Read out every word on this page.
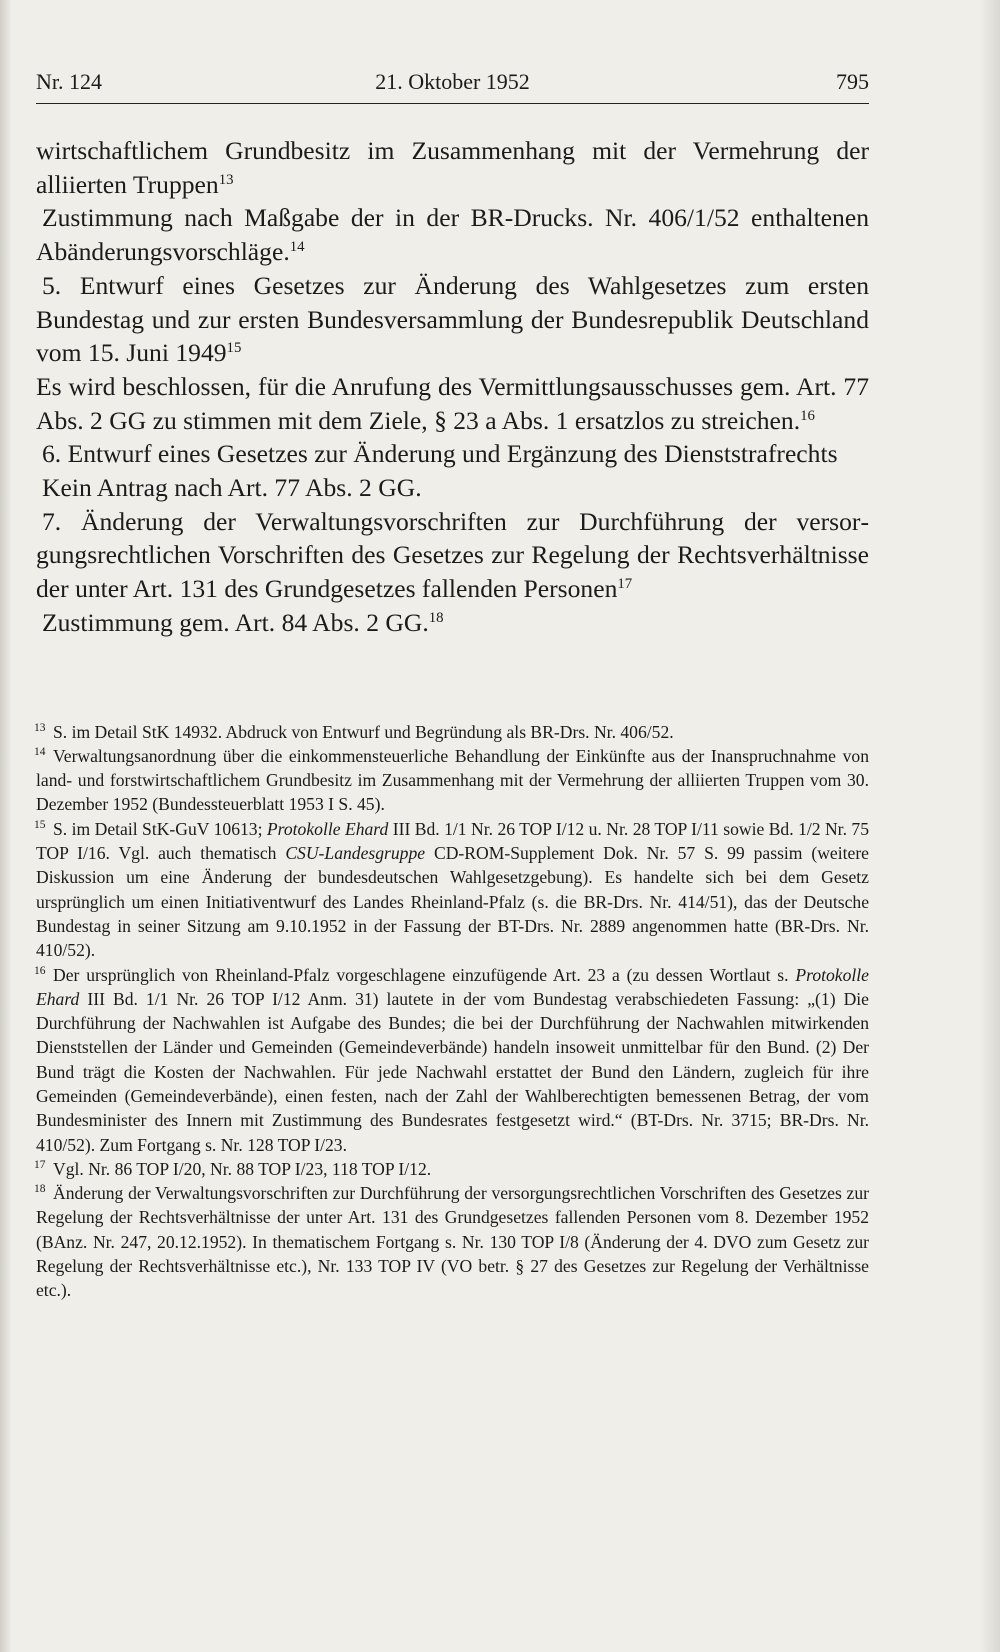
Nr. 124	21. Oktober 1952	795

wirtschaftlichem Grundbesitz im Zusammenhang mit der Vermehrung der alliierten Truppen$^{13}$

Zustimmung nach Maßgabe der in der BR-Drucks. Nr. 406/1/52 enthaltenen Abänderungsvorschläge.$^{14}$

5. Entwurf eines Gesetzes zur Änderung des Wahlgesetzes zum ersten Bundestag und zur ersten Bundesversammlung der Bundesrepublik Deutschland vom 15. Juni 1949$^{15}$

Es wird beschlossen, für die Anrufung des Vermittlungsausschusses gem. Art. 77 Abs. 2 GG zu stimmen mit dem Ziele, § 23 a Abs. 1 ersatzlos zu streichen.$^{16}$

6. Entwurf eines Gesetzes zur Änderung und Ergänzung des Dienststrafrechts

Kein Antrag nach Art. 77 Abs. 2 GG.

7. Änderung der Verwaltungsvorschriften zur Durchführung der versorgungsrechtlichen Vorschriften des Gesetzes zur Regelung der Rechtsverhältnisse der unter Art. 131 des Grundgesetzes fallenden Personen$^{17}$

Zustimmung gem. Art. 84 Abs. 2 GG.$^{18}$

13 S. im Detail StK 14932. Abdruck von Entwurf und Begründung als BR-Drs. Nr. 406/52.

14 Verwaltungsanordnung über die einkommensteuerliche Behandlung der Einkünfte aus der Inanspruchnahme von land- und forstwirtschaftlichem Grundbesitz im Zusammenhang mit der Vermehrung der alliierten Truppen vom 30. Dezember 1952 (Bundessteuerblatt 1953 I S. 45).

15 S. im Detail StK-GuV 10613; Protokolle Ehard III Bd. 1/1 Nr. 26 TOP I/12 u. Nr. 28 TOP I/11 sowie Bd. 1/2 Nr. 75 TOP I/16. Vgl. auch thematisch CSU-Landesgruppe CD-ROM-Supplement Dok. Nr. 57 S. 99 passim (weitere Diskussion um eine Änderung der bundesdeutschen Wahlgesetzgebung). Es handelte sich bei dem Gesetz ursprünglich um einen Initiativentwurf des Landes Rheinland-Pfalz (s. die BR-Drs. Nr. 414/51), das der Deutsche Bundestag in seiner Sitzung am 9.10.1952 in der Fassung der BT-Drs. Nr. 2889 angenommen hatte (BR-Drs. Nr. 410/52).

16 Der ursprünglich von Rheinland-Pfalz vorgeschlagene einzufügende Art. 23 a (zu dessen Wortlaut s. Protokolle Ehard III Bd. 1/1 Nr. 26 TOP I/12 Anm. 31) lautete in der vom Bundestag verabschiedeten Fassung: „(1) Die Durchführung der Nachwahlen ist Aufgabe des Bundes; die bei der Durchführung der Nachwahlen mitwirkenden Dienststellen der Länder und Gemeinden (Gemeindeverbände) handeln insoweit unmittelbar für den Bund. (2) Der Bund trägt die Kosten der Nachwahlen. Für jede Nachwahl erstattet der Bund den Ländern, zugleich für ihre Gemeinden (Gemeindeverbände), einen festen, nach der Zahl der Wahlberechtigten bemessenen Betrag, der vom Bundesminister des Innern mit Zustimmung des Bundesrates festgesetzt wird.“ (BT-Drs. Nr. 3715; BR-Drs. Nr. 410/52). Zum Fortgang s. Nr. 128 TOP I/23.

17 Vgl. Nr. 86 TOP I/20, Nr. 88 TOP I/23, 118 TOP I/12.

18 Änderung der Verwaltungsvorschriften zur Durchführung der versorgungsrechtlichen Vorschriften des Gesetzes zur Regelung der Rechtsverhältnisse der unter Art. 131 des Grundgesetzes fallenden Personen vom 8. Dezember 1952 (BAnz. Nr. 247, 20.12.1952). In thematischem Fortgang s. Nr. 130 TOP I/8 (Änderung der 4. DVO zum Gesetz zur Regelung der Rechtsverhältnisse etc.), Nr. 133 TOP IV (VO betr. § 27 des Gesetzes zur Regelung der Verhältnisse etc.).
